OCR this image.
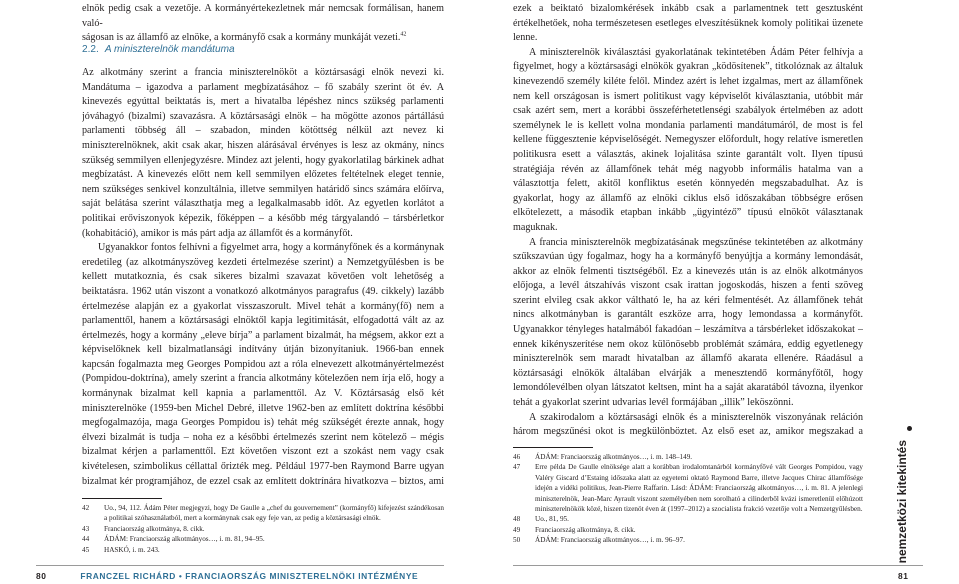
elnök pedig csak a vezetője. A kormányértekezletnek már nemcsak formálisan, hanem való-

ságosan is az államfő az elnöke, a kormányfő csak a kormány munkáját vezeti.$^{42}$

2.2. A miniszterelnök mandátuma

Az alkotmány szerint a francia miniszterelnököt a köztársasági elnök nevezi ki. Mandátuma – igazodva a parlament megbízatásához – fő szabály szerint öt év. A kinevezés egyúttal beiktatás is, mert a hivatalba lépéshez nincs szükség parlamenti jóváhagyó (bizalmi) szavazásra. A köztársasági elnök – ha mögötte azonos pártállású parlamenti többség áll – szabadon, minden kötöttség nélkül azt nevez ki miniszterelnöknek, akit csak akar, hiszen alárásával érvényes is lesz az okmány, nincs szükség semmilyen ellenjegyzésre. Mindez azt jelenti, hogy gyakorlatilag bárkinek adhat megbízatást. A kinevezés előtt nem kell semmilyen előzetes feltételnek eleget tennie, nem szükséges senkivel konzultálnia, illetve semmilyen határidő sincs számára előírva, saját belátása szerint választhatja meg a legalkalmasabb időt. Az egyetlen korlátot a politikai erőviszonyok képezik, főképpen – a később még tárgyalandó – társbérletkor (kohabitáció), amikor is más párt adja az államfőt és a kormányfőt.

Ugyanakkor fontos felhívni a figyelmet arra, hogy a kormányfőnek és a kormánynak eredetileg (az alkotmányszöveg kezdeti értelmezése szerint) a Nemzetgyűlésben is be kellett mutatkoznia, és csak sikeres bizalmi szavazat követően volt lehetőség a beiktatásra. 1962 után viszont a vonatkozó alkotmányos paragrafus (49. cikkely) lazább értelmezése alapján ez a gyakorlat visszaszorult. Mivel tehát a kormány(fő) nem a parlamenttől, hanem a köztársasági elnöktől kapja legitimitását, elfogadottá vált az az értelmezés, hogy a kormány „eleve bírja” a parlament bizalmát, ha mégsem, akkor ezt a képviselőknek kell bizalmatlansági indítvány útján bizonyítaniuk. 1966-ban ennek kapcsán fogalmazta meg Georges Pompidou azt a róla elnevezett alkotmányértelmezést (Pompidou-doktrína), amely szerint a francia alkotmány kötelezően nem írja elő, hogy a kormánynak bizalmat kell kapnia a parlamenttől. Az V. Köztársaság első két miniszterelnöke (1959-ben Michel Debré, illetve 1962-ben az említett doktrína későbbi megfogalmazója, maga Georges Pompidou is) tehát még szükségét érezte annak, hogy élvezi bizalmát is tudja – noha ez a későbbi értelmezés szerint nem kötelező – mégis bizalmat kérjen a parlamenttől. Ezt követően viszont ezt a szokást nem vagy csak kivételesen, szimbolikus céllattal őrizték meg. Például 1977-ben Raymond Barre ugyan bizalmat kér programjához, de ezzel csak az említett doktrínára hivatkozva – biztos, ami

42	Uo., 94, 112. Ádám Péter megjegyzi, hogy De Gaulle a „chef du gouvernement” (kormányfő) kifejezést szándékosan a politikai szóhasználatból, mert a kormánynak csak egy feje van, az pedig a köztársasági elnök.
43	Franciaország alkotmánya, 8. cikk.
44	ÁDÁM: Franciaország alkotmányos…, i. m. 81, 94–95.
45	HASKÓ, i. m. 243.
80	FRANCZEL RICHÁRD • FRANCIAORSZÁG MINISZTERELNÖKI INTÉZMÉNYE

ezek a beiktató bizalomkérések inkább csak a parlamentnek tett gesztusként értékelhetőek, noha természetesen esetleges elveszítésüknek komoly politikai üzenete lenne.

A miniszterelnök kiválasztási gyakorlatának tekintetében Ádám Péter felhívja a figyelmet, hogy a köztársasági elnökök gyakran „ködösítenek”, titkolóznak az általuk kinevezendő személy kiléte felől. Mindez azért is lehet izgalmas, mert az államfőnek nem kell országosan is ismert politikust vagy képviselőt kiválasztania, utóbbit már csak azért sem, mert a korábbi összeférhetetlenségi szabályok értelmében az adott személynek le is kellett volna mondania parlamenti mandátumáról, de most is fel kellene függesztenie képviselőségét. Nemegyszer előfordult, hogy relatíve ismeretlen politikusra esett a választás, akinek lojalitása szinte garantált volt. Ilyen típusú stratégiája révén az államfőnek tehát még nagyobb informális hatalma van a választottja felett, akitől konfliktus esetén könnyedén megszabadulhat. Az is gyakorlat, hogy az államfő az elnöki ciklus első időszakában többségre erősen elkötelezett, a második etapban inkább „ügyintéző” típusú elnököt választanak maguknak.

A francia miniszterelnök megbízatásának megszűnése tekintetében az alkotmány szűkszavúan úgy fogalmaz, hogy ha a kormányfő benyújtja a kormány lemondását, akkor az elnök felmenti tisztségéből. Ez a kinevezés után is az elnök alkotmányos előjoga, a levél átszahívás viszont csak irattan jogoskodás, hiszen a fenti szöveg szerint elvileg csak akkor váltható le, ha az kéri felmentését. Az államfőnek tehát nincs alkotmányban is garantált eszköze arra, hogy lemondassa a kormányfőt. Ugyanakkor tényleges hatalmából fakadóan – leszámítva a társbérleket időszakokat – ennek kikényszerítése nem okoz különösebb problémát számára, eddig egyetlenegy miniszterelnök sem maradt hivatalban az államfő akarata ellenére. Ráadásul a köztársasági elnökök általában elvárják a menesztendő kormányfőtől, hogy lemondólevélben olyan látszatot keltsen, mint ha a saját akaratából távozna, ilyenkor tehát a gyakorlat szerint udvarias levél formájában „illik” leköszönni.

A szakirodalom a köztársasági elnök és a miniszterelnök viszonyának reláción három megszűnési okot is megkülönböztet. Az első eset az, amikor megszakad a

46	ÁDÁM: Franciaország alkotmányos…, i. m. 148–149.
47	Erre példa De Gaulle elnöksége alatt a korábban irodalomtanárból kormányfővé vált Georges Pompidou, vagy Valéry Giscard d’Estaing időszaka alatt az egyetemi oktató Raymond Barre, illetve Jacques Chirac államfősége idején a vidéki politikus, Jean-Pierre Raffarin. Lásd: ÁDÁM: Franciaország alkotmányos…, i. m. 81. A jelenlegi miniszterelnök, Jean-Marc Ayrault viszont személyében nem sorolható a cilinderből kvázi ismeretlenül előhúzott miniszterelnökök közé, hiszen tizenöt éven át (1997–2012) a szocialista frakció vezetője volt a Nemzetgyűlésben.
48	Uo., 81, 95.
49	Franciaország alkotmánya, 8. cikk.
50	ÁDÁM: Franciaország alkotmányos…, i. m. 96–97.
81
nemzetközi kitekintés
